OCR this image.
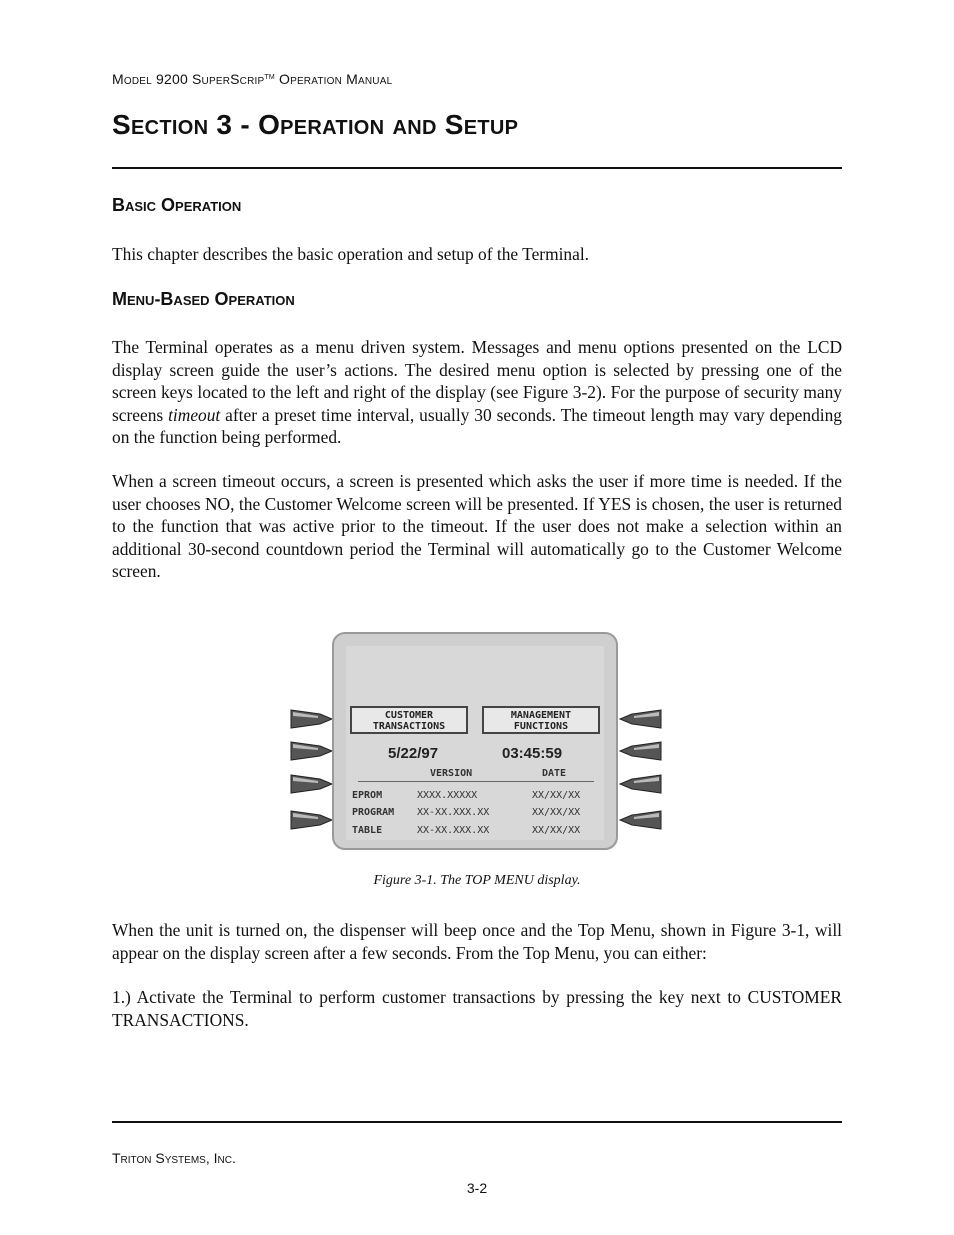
Model 9200 SuperScrip™ Operation Manual
Section 3 - Operation and Setup
Basic Operation

This chapter describes the basic operation and setup of the Terminal.

Menu-Based Operation

The Terminal operates as a menu driven system. Messages and menu options presented on the LCD display screen guide the user’s actions. The desired menu option is selected by pressing one of the screen keys located to the left and right of the display (see Figure 3-2). For the purpose of security many screens timeout after a preset time interval, usually 30 seconds. The timeout length may vary depending on the function being performed.

When a screen timeout occurs, a screen is presented which asks the user if more time is needed. If the user chooses NO, the Customer Welcome screen will be presented. If YES is chosen, the user is returned to the function that was active prior to the timeout. If the user does not make a selection within an additional 30-second countdown period the Terminal will automatically go to the Customer Welcome screen.

CUSTOMER
TRANSACTIONS
MANAGEMENT
FUNCTIONS
5/22/97	03:45:59
VERSION	DATE
EPROM	XXXX.XXXXX	XX/XX/XX
PROGRAM XX-XX.XXX.XX	XX/XX/XX
TABLE	XX-XX.XXX.XX	XX/XX/XX
Figure 3-1. The TOP MENU display.

When the unit is turned on, the dispenser will beep once and the Top Menu, shown in Figure 3-1, will appear on the display screen after a few seconds. From the Top Menu, you can either:

1.) Activate the Terminal to perform customer transactions by pressing the key next to CUSTOMER TRANSACTIONS.

Triton Systems, Inc.
3-2
